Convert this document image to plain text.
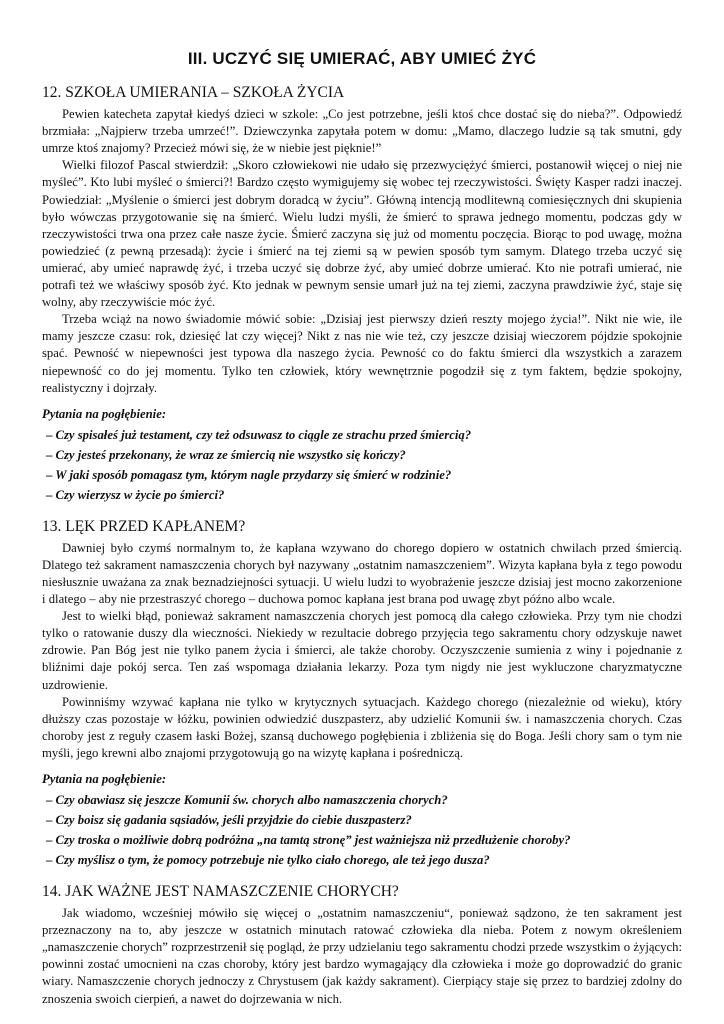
III. UCZYĆ SIĘ UMIERAĆ, ABY UMIEĆ ŻYĆ
12. SZKOŁA UMIERANIA – SZKOŁA ŻYCIA

Pewien katecheta zapytał kiedyś dzieci w szkole: „Co jest potrzebne, jeśli ktoś chce dostać się do nieba?”. Odpowiedź brzmiała: „Najpierw trzeba umrzeć!”. Dziewczynka zapytała potem w domu: „Mamo, dlaczego ludzie są tak smutni, gdy umrze ktoś znajomy? Przecież mówi się, że w niebie jest pięknie!”

Wielki filozof Pascal stwierdził: „Skoro człowiekowi nie udało się przezwyciężyć śmierci, postanowił więcej o niej nie myśleć”. Kto lubi myśleć o śmierci?! Bardzo często wymigujemy się wobec tej rzeczywistości. Święty Kasper radzi inaczej. Powiedział: „Myślenie o śmierci jest dobrym doradcą w życiu”. Główną intencją modlitewną comiesięcznych dni skupienia było wówczas przygotowanie się na śmierć. Wielu ludzi myśli, że śmierć to sprawa jednego momentu, podczas gdy w rzeczywistości trwa ona przez całe nasze życie. Śmierć zaczyna się już od momentu poczęcia. Biorąc to pod uwagę, można powiedzieć (z pewną przesadą): życie i śmierć na tej ziemi są w pewien sposób tym samym. Dlatego trzeba uczyć się umierać, aby umieć naprawdę żyć, i trzeba uczyć się dobrze żyć, aby umieć dobrze umierać. Kto nie potrafi umierać, nie potrafi też we właściwy sposób żyć. Kto jednak w pewnym sensie umarł już na tej ziemi, zaczyna prawdziwie żyć, staje się wolny, aby rzeczywiście móc żyć.

Trzeba wciąż na nowo świadomie mówić sobie: „Dzisiaj jest pierwszy dzień reszty mojego życia!”. Nikt nie wie, ile mamy jeszcze czasu: rok, dziesięć lat czy więcej? Nikt z nas nie wie też, czy jeszcze dzisiaj wieczorem pójdzie spokojnie spać. Pewność w niepewności jest typowa dla naszego życia. Pewność co do faktu śmierci dla wszystkich a zarazem niepewność co do jej momentu. Tylko ten człowiek, który wewnętrznie pogodził się z tym faktem, będzie spokojny, realistyczny i dojrzały.

Pytania na pogłębienie:
– Czy spisałeś już testament, czy też odsuwasz to ciągle ze strachu przed śmiercią?
– Czy jesteś przekonany, że wraz ze śmiercią nie wszystko się kończy?
– W jaki sposób pomagasz tym, którym nagle przydarzy się śmierć w rodzinie?
– Czy wierzysz w życie po śmierci?
13. LĘK PRZED KAPŁANEM?

Dawniej było czymś normalnym to, że kapłana wzywano do chorego dopiero w ostatnich chwilach przed śmiercią. Dlatego też sakrament namaszczenia chorych był nazywany „ostatnim namaszczeniem”. Wizyta kapłana była z tego powodu niesłusznie uważana za znak beznadziejności sytuacji. U wielu ludzi to wyobrażenie jeszcze dzisiaj jest mocno zakorzenione i dlatego – aby nie przestraszyć chorego – duchowa pomoc kapłana jest brana pod uwagę zbyt późno albo wcale.

Jest to wielki błąd, ponieważ sakrament namaszczenia chorych jest pomocą dla całego człowieka. Przy tym nie chodzi tylko o ratowanie duszy dla wieczności. Niekiedy w rezultacie dobrego przyjęcia tego sakramentu chory odzyskuje nawet zdrowie. Pan Bóg jest nie tylko panem życia i śmierci, ale także choroby. Oczyszczenie sumienia z winy i pojednanie z bliźnimi daje pokój serca. Ten zaś wspomaga działania lekarzy. Poza tym nigdy nie jest wykluczone charyzmatyczne uzdrowienie.

Powinniśmy wzywać kapłana nie tylko w krytycznych sytuacjach. Każdego chorego (niezależnie od wieku), który dłuższy czas pozostaje w łóżku, powinien odwiedzić duszpasterz, aby udzielić Komunii św. i namaszczenia chorych. Czas choroby jest z reguły czasem łaski Bożej, szansą duchowego pogłębienia i zbliżenia się do Boga. Jeśli chory sam o tym nie myśli, jego krewni albo znajomi przygotowują go na wizytę kapłana i pośredniczą.

Pytania na pogłębienie:
– Czy obawiasz się jeszcze Komunii św. chorych albo namaszczenia chorych?
– Czy boisz się gadania sąsiadów, jeśli przyjdzie do ciebie duszpasterz?
– Czy troska o możliwie dobrą podróżna „na tamtą stronę” jest ważniejsza niż przedłużenie choroby?
– Czy myślisz o tym, że pomocy potrzebuje nie tylko ciało chorego, ale też jego dusza?
14. JAK WAŻNE JEST NAMASZCZENIE CHORYCH?

Jak wiadomo, wcześniej mówiło się więcej o „ostatnim namaszczeniu“, ponieważ sądzono, że ten sakrament jest przeznaczony na to, aby jeszcze w ostatnich minutach ratować człowieka dla nieba. Potem z nowym określeniem „namaszczenie chorych” rozprzestrzenił się pogląd, że przy udzielaniu tego sakramentu chodzi przede wszystkim o żyjących: powinni zostać umocnieni na czas choroby, który jest bardzo wymagający dla człowieka i może go doprowadzić do granic wiary. Namaszczenie chorych jednoczy z Chrystusem (jak każdy sakrament). Cierpiący staje się przez to bardziej zdolny do znoszenia swoich cierpień, a nawet do dojrzewania w nich.
